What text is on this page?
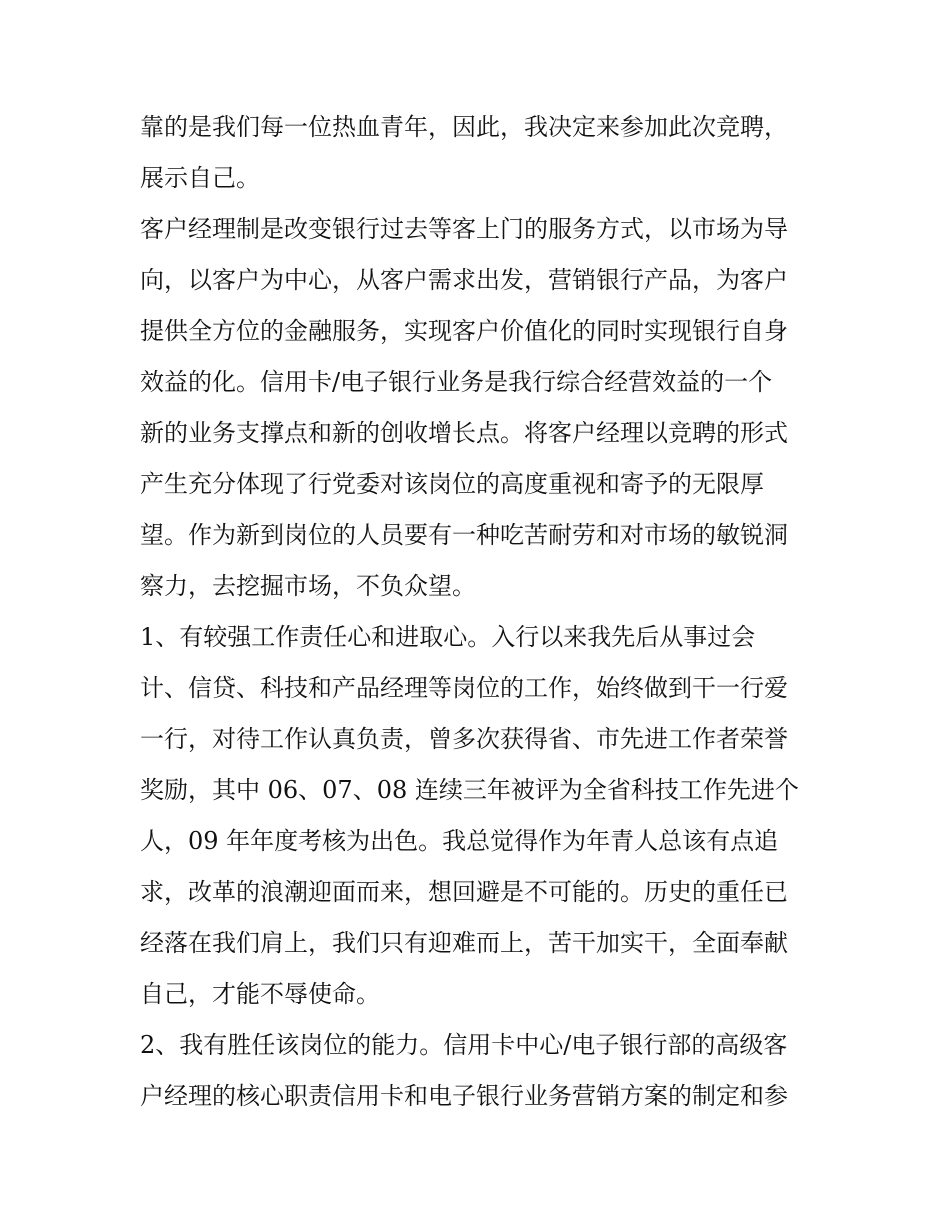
靠的是我们每一位热血青年，因此，我决定来参加此次竞聘，
展示自己。
客户经理制是改变银行过去等客上门的服务方式，以市场为导
向，以客户为中心，从客户需求出发，营销银行产品，为客户
提供全方位的金融服务，实现客户价值化的同时实现银行自身
效益的化。信用卡/电子银行业务是我行综合经营效益的一个
新的业务支撑点和新的创收增长点。将客户经理以竞聘的形式
产生充分体现了行党委对该岗位的高度重视和寄予的无限厚
望。作为新到岗位的人员要有一种吃苦耐劳和对市场的敏锐洞
察力，去挖掘市场，不负众望。
1、有较强工作责任心和进取心。入行以来我先后从事过会
计、信贷、科技和产品经理等岗位的工作，始终做到干一行爱
一行，对待工作认真负责，曾多次获得省、市先进工作者荣誉
奖励，其中 06、07、08 连续三年被评为全省科技工作先进个
人，09 年年度考核为出色。我总觉得作为年青人总该有点追
求，改革的浪潮迎面而来，想回避是不可能的。历史的重任已
经落在我们肩上，我们只有迎难而上，苦干加实干，全面奉献
自己，才能不辱使命。
2、我有胜任该岗位的能力。信用卡中心/电子银行部的高级客
户经理的核心职责信用卡和电子银行业务营销方案的制定和参
